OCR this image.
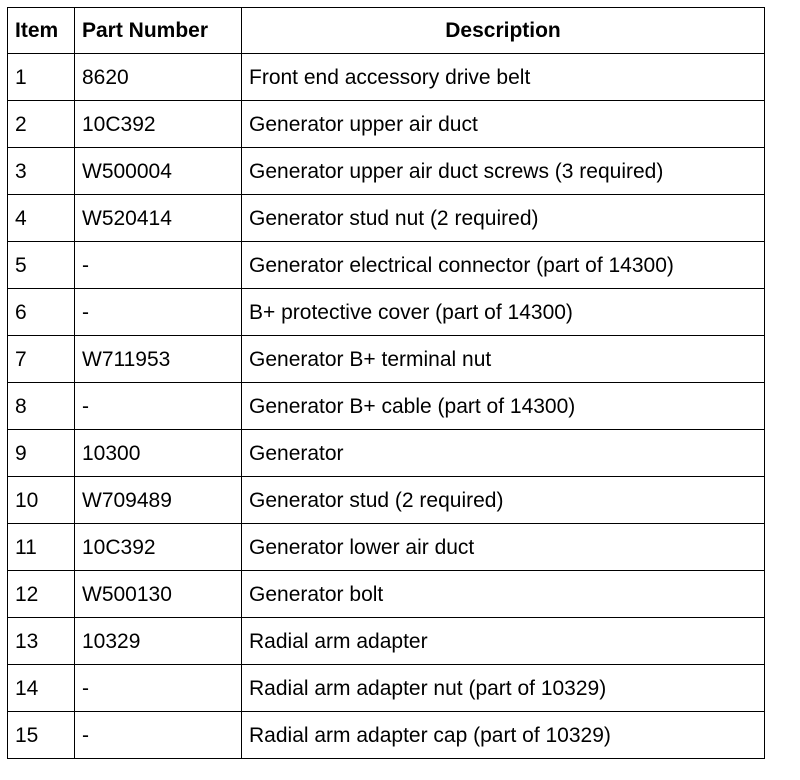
Item	Part Number	Description
1	8620	Front end accessory drive belt
2	10C392	Generator upper air duct
3	W500004	Generator upper air duct screws (3 required)
4	W520414	Generator stud nut (2 required)
5	-	Generator electrical connector (part of 14300)
6	-	B+ protective cover (part of 14300)
7	W711953	Generator B+ terminal nut
8	-	Generator B+ cable (part of 14300)
9	10300	Generator
10	W709489	Generator stud (2 required)
11	10C392	Generator lower air duct
12	W500130	Generator bolt
13	10329	Radial arm adapter
14	-	Radial arm adapter nut (part of 10329)
15	-	Radial arm adapter cap (part of 10329)
